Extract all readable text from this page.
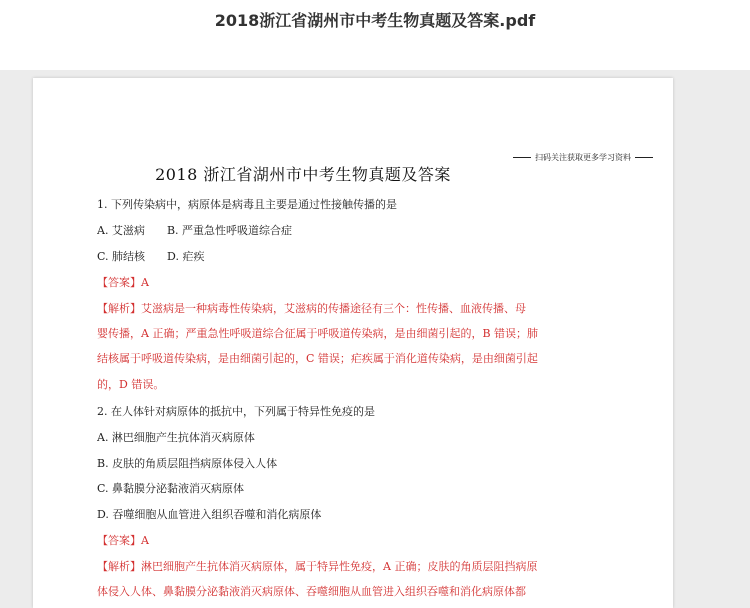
2018浙江省湖州市中考生物真题及答案.pdf
扫码关注获取更多学习资料
2018 浙江省湖州市中考生物真题及答案
1. 下列传染病中，病原体是病毒且主要是通过性接触传播的是
A. 艾滋病 B. 严重急性呼吸道综合症
C. 肺结核 D. 疟疾
【答案】A
【解析】艾滋病是一种病毒性传染病，艾滋病的传播途径有三个：性传播、血液传播、母
婴传播，A 正确；严重急性呼吸道综合征属于呼吸道传染病，是由细菌引起的，B 错误；肺
结核属于呼吸道传染病，是由细菌引起的，C 错误；疟疾属于消化道传染病，是由细菌引起
的，D 错误。
2. 在人体针对病原体的抵抗中，下列属于特异性免疫的是
A. 淋巴细胞产生抗体消灭病原体
B. 皮肤的角质层阻挡病原体侵入人体
C. 鼻黏膜分泌黏液消灭病原体
D. 吞噬细胞从血管进入组织吞噬和消化病原体
【答案】A
【解析】淋巴细胞产生抗体消灭病原体，属于特异性免疫，A 正确；皮肤的角质层阻挡病原
体侵入人体、鼻黏膜分泌黏液消灭病原体、吞噬细胞从血管进入组织吞噬和消化病原体都
